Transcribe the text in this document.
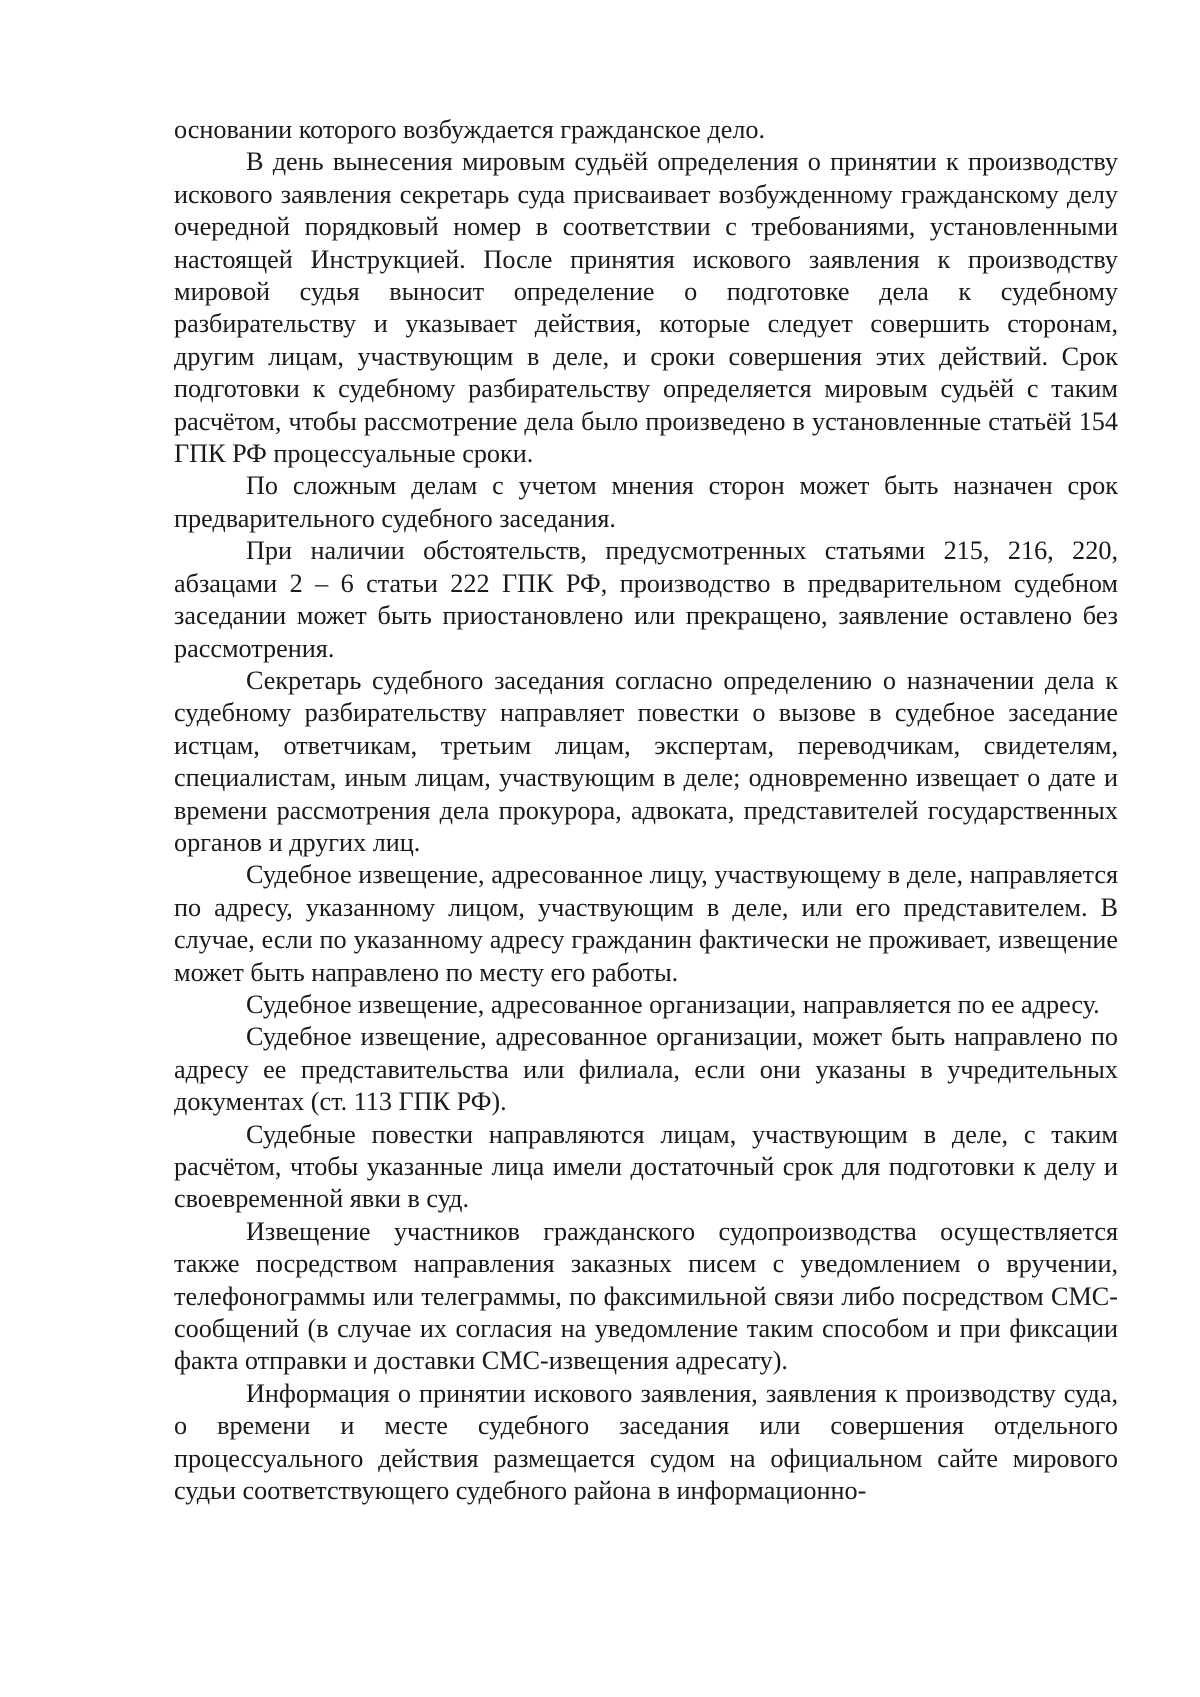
основании которого возбуждается гражданское дело.

В день вынесения мировым судьёй определения о принятии к производству искового заявления секретарь суда присваивает возбужденному гражданскому делу очередной порядковый номер в соответствии с требованиями, установленными настоящей Инструкцией. После принятия искового заявления к производству мировой судья выносит определение о подготовке дела к судебному разбирательству и указывает действия, которые следует совершить сторонам, другим лицам, участвующим в деле, и сроки совершения этих действий. Срок подготовки к судебному разбирательству определяется мировым судьёй с таким расчётом, чтобы рассмотрение дела было произведено в установленные статьёй 154 ГПК РФ процессуальные сроки.

По сложным делам с учетом мнения сторон может быть назначен срок предварительного судебного заседания.

При наличии обстоятельств, предусмотренных статьями 215, 216, 220, абзацами 2 – 6 статьи 222 ГПК РФ, производство в предварительном судебном заседании может быть приостановлено или прекращено, заявление оставлено без рассмотрения.

Секретарь судебного заседания согласно определению о назначении дела к судебному разбирательству направляет повестки о вызове в судебное заседание истцам, ответчикам, третьим лицам, экспертам, переводчикам, свидетелям, специалистам, иным лицам, участвующим в деле; одновременно извещает о дате и времени рассмотрения дела прокурора, адвоката, представителей государственных органов и других лиц.

Судебное извещение, адресованное лицу, участвующему в деле, направляется по адресу, указанному лицом, участвующим в деле, или его представителем. В случае, если по указанному адресу гражданин фактически не проживает, извещение может быть направлено по месту его работы.

Судебное извещение, адресованное организации, направляется по ее адресу.

Судебное извещение, адресованное организации, может быть направлено по адресу ее представительства или филиала, если они указаны в учредительных документах (ст. 113 ГПК РФ).

Судебные повестки направляются лицам, участвующим в деле, с таким расчётом, чтобы указанные лица имели достаточный срок для подготовки к делу и своевременной явки в суд.

Извещение участников гражданского судопроизводства осуществляется также посредством направления заказных писем с уведомлением о вручении, телефонограммы или телеграммы, по факсимильной связи либо посредством СМС-сообщений (в случае их согласия на уведомление таким способом и при фиксации факта отправки и доставки СМС-извещения адресату).

Информация о принятии искового заявления, заявления к производству суда, о времени и месте судебного заседания или совершения отдельного процессуального действия размещается судом на официальном сайте мирового судьи соответствующего судебного района в информационно-
